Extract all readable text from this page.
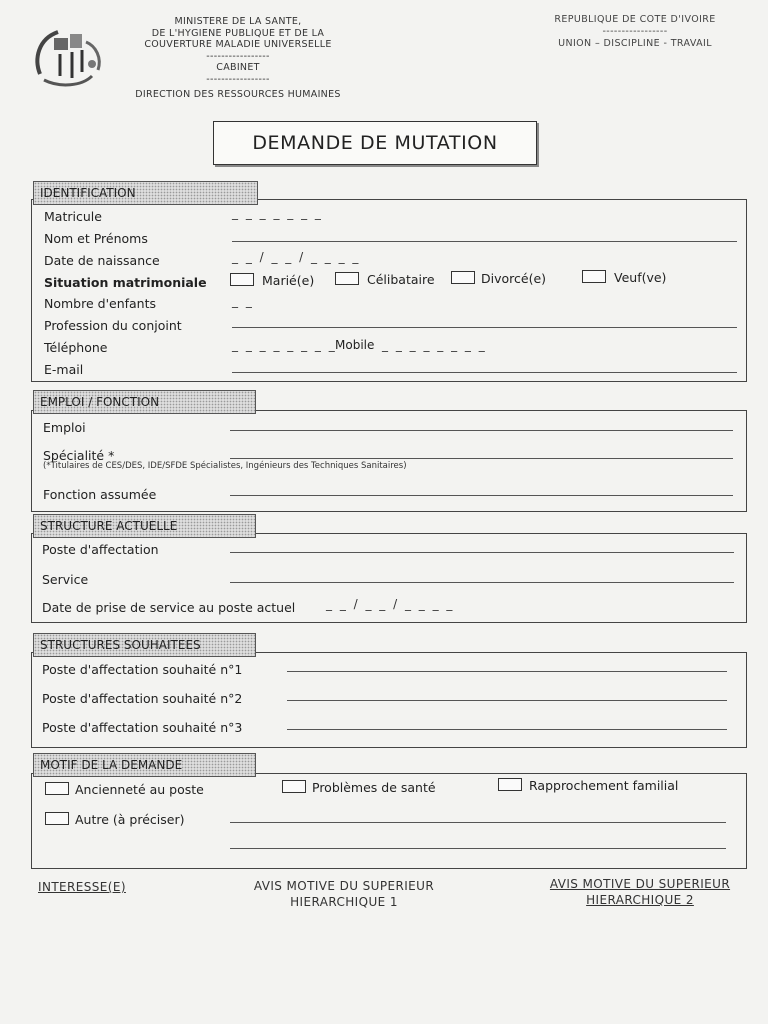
MINISTERE DE LA SANTE,
DE L'HYGIENE PUBLIQUE ET DE LA
COUVERTURE MALADIE UNIVERSELLE
-----------------
CABINET
-----------------
DIRECTION DES RESSOURCES HUMAINES
REPUBLIQUE DE COTE D'IVOIRE
-----------------
UNION – DISCIPLINE - TRAVAIL
DEMANDE DE MUTATION
IDENTIFICATION
Matricule	_ _ _ _ _ _ _
Nom et Prénoms
Date de naissance	_ _ / _ _ / _ _ _ _
Situation matrimoniale	Marié(e)	Célibataire	Divorcé(e)	Veuf(ve)
Nombre d'enfants	_ _
Profession du conjoint
Téléphone	_ _ _ _ _ _ _ _
Mobile _ _ _ _ _ _ _ _
E-mail
EMPLOI / FONCTION
Emploi
Spécialité *
(*Titulaires de CES/DES, IDE/SFDE Spécialistes, Ingénieurs des Techniques Sanitaires)
Fonction assumée
STRUCTURE ACTUELLE
Poste d'affectation
Service
Date de prise de service au poste actuel	_ _ / _ _ / _ _ _ _
STRUCTURES SOUHAITEES
Poste d'affectation souhaité n°1
Poste d'affectation souhaité n°2
Poste d'affectation souhaité n°3
MOTIF DE LA DEMANDE
Ancienneté au poste	Problèmes de santé	Rapprochement familial
Autre (à préciser)
INTERESSE(E)	AVIS MOTIVE DU SUPERIEUR
HIERARCHIQUE 1
AVIS MOTIVE DU SUPERIEUR
HIERARCHIQUE 2
